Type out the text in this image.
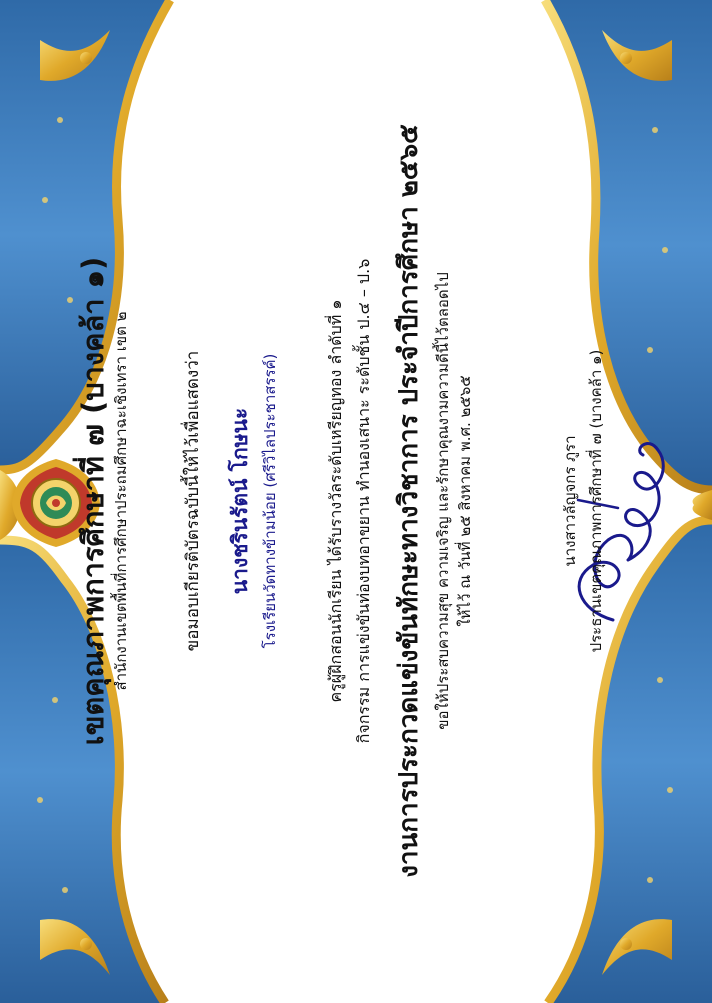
เขตคุณภาพการศึกษาที่ ๗ (บางคล้า ๑) สำนักงานเขตพื้นที่การศึกษาประถมศึกษาฉะเชิงเทรา เขต ๒	ขอมอบเกียรติบัตรฉบับนี้ให้ไว้เพื่อแสดงว่า นางชรินรัตน์ โกษนะ โรงเรียนวัดทางข้ามน้อย (ศรีวิไลประชาสรรค์)	ครูผู้ฝึกสอนนักเรียน ได้รับรางวัลระดับเหรียญทอง ลำดับที่ ๑ กิจกรรม การแข่งขันท่องบทอาขยาน ทำนองเสนาะ ระดับชั้น ป.๔ – ป.๖ งานการประกวดแข่งขันทักษะทางวิชาการ ประจำปีการศึกษา ๒๕๖๕ ขอให้ประสบความสุข ความเจริญ และรักษาคุณงามความดีนี้ไว้ตลอดไป ให้ไว้ ณ วันที่ ๒๕ สิงหาคม พ.ศ. ๒๕๖๕	นางสาวลัญจกร ภูรา ประธานเขตคุณภาพการศึกษาที่ ๗ (บางคล้า ๑)
